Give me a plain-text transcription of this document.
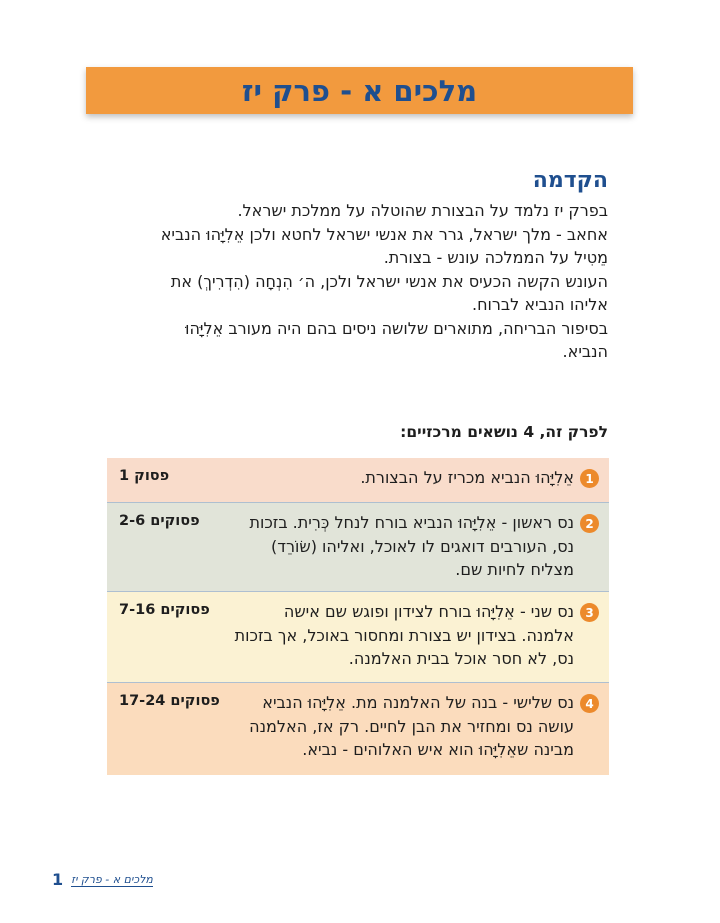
מלכים א - פרק יז
הקדמה

בפרק יז נלמד על הבצורת שהוטלה על ממלכת ישראל.
אחאב - מלך ישראל, גרר את אנשי ישראל לחטא ולכן אֵלִיָּהוּ הנביא
מֵטִיל על הממלכה עונש - בצורת.
העונש הקשה הכעיס את אנשי ישראל ולכן, ה׳ הִנְחָה (הִדְרִיךְ) את
אליהו הנביא לברוח.
בסיפור הבריחה, מתוארים שלושה ניסים בהם היה מעורב אֵלִיָּהוּ
הנביא.

לפרק זה, 4 נושאים מרכזיים:
1
אֵלִיָּהוּ הנביא מכריז על הבצורת.
פסוק 1
2
נס ראשון - אֵלִיָּהוּ הנביא בורח לנחל כְּרִית. בזכות נס, העורבים דואגים לו לאוכל, ואליהו (שׂוֹרֵד) מצליח לחיות שם.
פסוקים 2-6
3
נס שני - אֵלִיָּהוּ בורח לצידון ופוגש שם אישה אלמנה. בצידון יש בצורת ומחסור באוכל, אך בזכות נס, לא חסר אוכל בבית האלמנה.
פסוקים 7-16
4
נס שלישי - בנה של האלמנה מת. אֵלִיָּהוּ הנביא עושה נס ומחזיר את הבן לחיים. רק אז, האלמנה מבינה שאֵלִיָּהוּ הוא איש האלוהים - נביא.
פסוקים 17-24
1 מלכים א - פרק יז
